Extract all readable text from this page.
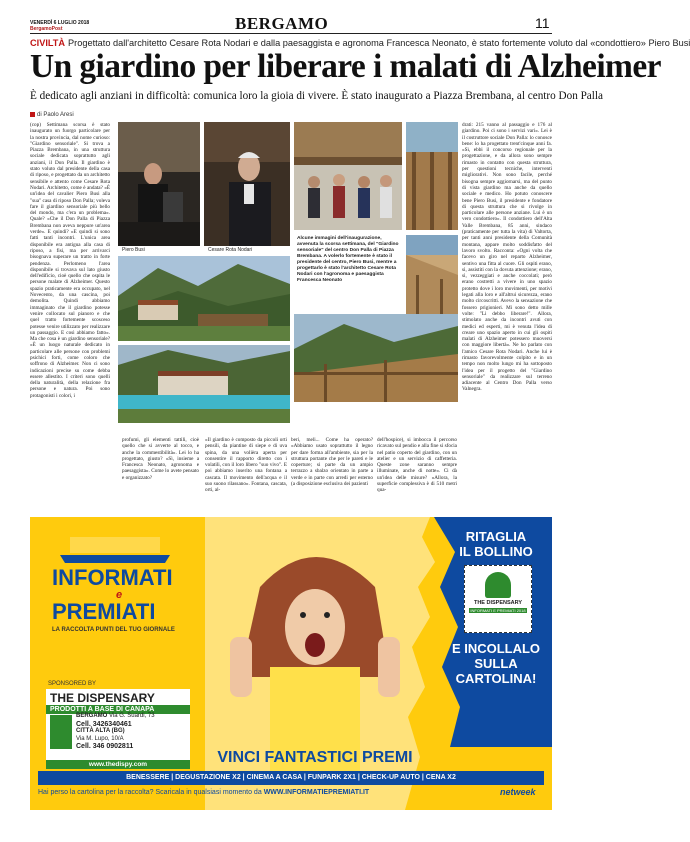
VENERDÌ 6 LUGLIO 2018
BergamoPost	BERGAMO	11
CIVILTÀ Progettato dall'architetto Cesare Rota Nodari e dalla paesaggista e agronoma Francesca Neonato, è stato fortemente voluto dal «condottiero» Piero Busi
Un giardino per liberare i malati di Alzheimer
È dedicato agli anziani in difficoltà: comunica loro la gioia di vivere. È stato inaugurato a Piazza Brembana, al centro Don Palla
di Paolo Aresi

(cop) Settimana scorsa è stato inaugurato un fuorgo particolare per la nostra provincia, dal nome curioso: "Giardino sensoriale". Si trova a Piazza Brembana, in una struttura sociale dedicata soprattutto agli anziani, il Don Palla. Il giardino è stato voluto dal presidente della casa di riposo, e progettato da un architetto sensibile e attento come Cesare Rota Nodari. Architetto, come è andata? «È un'idea del cavalier Piero Busi alla "sua" casa di riposo Don Palla; voleva fare il giardino sensoriale più bello del mondo, ma c'era un problema». Quale? «Che il Don Palla di Piazza Brembana non aveva neppure un'area verde». E quindi? «E quindi si sono fatti tanti incontri. L'unica area disponibile era antigua alla casa di riposo, a fisi, ma per arrivarci bisognava superare un tratto in forte pendenza. Perlomeno l'area disponibile si trovava sul lato giusto dell'edificio, cioè quello che ospita le persone malate di Alzheimer. Questo spazio praticamente era occupato, nel Novecento, da una cascina, poi demolita. Quindi abbiamo immaginato che il giardino potesse venire collocato sul pianoro e che quel tratto fortemente scosceso potesse venire utilizzato per realizzare un passaggio. E così abbiamo fatto». Ma che cosa è un giardino sensoriale? «È un luogo naturale dedicato in particolare alle persone con problemi psichici forti, come coloro che soffrono di Alzheimer. Non ci sono indicazioni precise su come debba essere allestito. I criteri sono quelli della naturalità, della relazione fra persone e natura. Poi sono protagonisti i colori, i

Piero Busi	Cesare Rota Nodari
Alcune immagini dell'inaugurazione, avvenuta la scorsa settimana, del "Giardino sensoriale" del centro Don Palla di Piazza Brembana. A volerlo fortemente è stato il presidente del centro, Piero Busi, mentre a progettarlo è stato l'architetto Cesare Rota Nodari con l'agronoma e paesaggista Francesca Neonato

drati: 215 vanno al passaggio e 176 al giardino. Poi ci sono i servizi vari». Lei è il costruttore sociale Don Palla: lo conosce bene: lo ha progettato trent'cinque anni fa. «Sì, ebbi il concorso regionale per la progettazione, e da allora sono sempre rimasto in contatto con questa struttura, per questioni tecniche, interventi migliorativi. Non sono facile, perché bisogna sempre aggiornarsi, ma del punto di vista giardino ma anche da quello sociale e medico. Ho potuto conoscere bene Piero Busi, il presidente e fondatore di questa struttura che si rivolge in particolare alle persone anziane. Lui è un vero condottiero». Il condottiero dell'Alta Valle Brembana, 85 anni, sindaco (praticamente per tutta la vita) di Valtorta, per tanti anni presidente della Comunità montana, appare molto soddisfatto del lavoro svolto. Racconta: «Ogni volta che facevo un giro nel reparto Alzheimer, sentivo una fitta al cuore. Gli ospiti erano, sì, assistiti con la dovuta attenzione; erano, sì, vezzeggiati e anche coccolati; però erano costretti a vivere in uno spazio protetto dove i loro movimenti, per motivi legati alla loro e all'altrui sicurezza, erano molto circoscritti. Avevo la sensazione che fossero prigionieri. Mi sono detto mille volte: "Li debbo liberare!". Allora, stimolato anche da incontri avuti con medici ed esperti, mi è venuta l'idea di creare uno spazio aperto in cui gli ospiti malati di Alzheimer potessero muoversi con maggiore libertà». Ne ho parlato con l'amico Cesare Rota Nodari. Anche lui è rimasto favorevolmente colpito e in un tempo non molto lungo mi ha sottoposto l'idea per il progetto del "Giardino sensoriale" da realizzare sul terreno adiacente al Centro Don Palla verso Valnegra.

profumi, gli elementi tattili, cioè quello che si avverte al tocco, e anche la commestibilità». Lei lo ha progettato, giusto? «Sì, insieme a Francesca Neonato, agronoma e paesaggista». Come lo avete pensato e organizzato?

«Il giardino è composto da piccoli orti pensili, da piantine di siepe e di uva spina, da una volièra aperta per consentire il rapporto diretto con i volatili, con il loro libero "suo vivo". E poi abbiamo inserito una fontana a cascata. Il movimento dell'acqua e il suo suono rilassano». Fontana, cascata, orti, al-

beri, meli... Come ha operato? «Abbiamo usato soprattutto il legno per dare forma all'ambiente, sia per la struttura portante che per le pareti e le coperture; si parte da un ampio terrazzo a sbalzo orientato in parte a verde e in parte con arredi per esterno (a disposizione esclusiva dei pazienti

dell'hospice), si imbocca il percorso ricavato sul pendio e alla fine si sfocia nel patio coperto del giardino, con un atelier e un servizio di caffetteria. Queste zone saranno sempre illuminate, anche di notte». Ci dà un'idea delle misure? «Allora, la superficie complessiva è di 510 metri qua-

INFORMATI
e
PREMIATI
LA RACCOLTA PUNTI DEL TUO GIORNALE
SPONSORED BY
THE DISPENSARY
PRODOTTI A BASE DI CANAPA
BERGAMO Via G. Suardi, 73
Cell. 3426340461
CITTÀ ALTA (BG)
Via M. Lupo, 10/A
Cell. 346 0902811
www.thedispy.com
RITAGLIA
IL BOLLINO
THE DISPENSARY
INFORMATI E PREMIATI 2018
E INCOLLALO
SULLA
CARTOLINA!
VINCI FANTASTICI PREMI
BENESSERE | DEGUSTAZIONE X2 | CINEMA A CASA | FUNPARK 2X1 | CHECK-UP AUTO | CENA X2
Hai perso la cartolina per la raccolta? Scaricala in qualsiasi momento da WWW.INFORMATIEPREMIATI.IT	netweek
